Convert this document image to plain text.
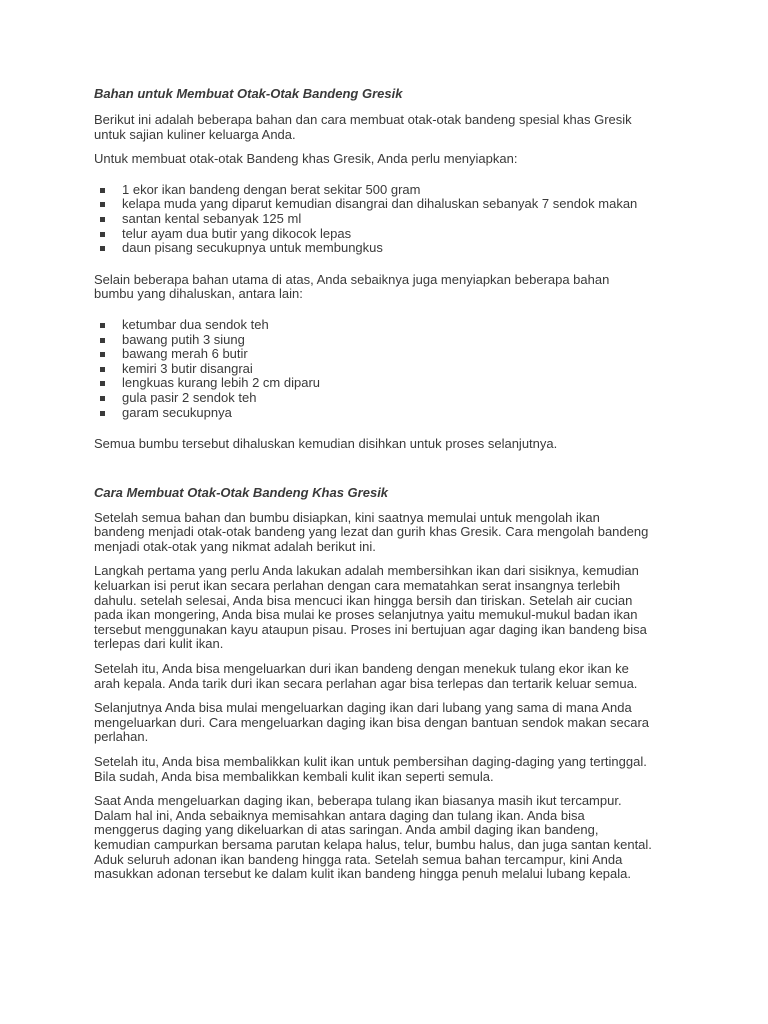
Bahan untuk Membuat Otak-Otak Bandeng Gresik

Berikut ini adalah beberapa bahan dan cara membuat otak-otak bandeng spesial khas Gresik
untuk sajian kuliner keluarga Anda.

Untuk membuat otak-otak Bandeng khas Gresik, Anda perlu menyiapkan:

1 ekor ikan bandeng dengan berat sekitar 500 gram
kelapa muda yang diparut kemudian disangrai dan dihaluskan sebanyak 7 sendok makan
santan kental sebanyak 125 ml
telur ayam dua butir yang dikocok lepas
daun pisang secukupnya untuk membungkus

Selain beberapa bahan utama di atas, Anda sebaiknya juga menyiapkan beberapa bahan
bumbu yang dihaluskan, antara lain:

ketumbar dua sendok teh
bawang putih 3 siung
bawang merah 6 butir
kemiri 3 butir disangrai
lengkuas kurang lebih 2 cm diparu
gula pasir 2 sendok teh
garam secukupnya

Semua bumbu tersebut dihaluskan kemudian disihkan untuk proses selanjutnya.

Cara Membuat Otak-Otak Bandeng Khas Gresik

Setelah semua bahan dan bumbu disiapkan, kini saatnya memulai untuk mengolah ikan
bandeng menjadi otak-otak bandeng yang lezat dan gurih khas Gresik. Cara mengolah bandeng
menjadi otak-otak yang nikmat adalah berikut ini.

Langkah pertama yang perlu Anda lakukan adalah membersihkan ikan dari sisiknya, kemudian
keluarkan isi perut ikan secara perlahan dengan cara mematahkan serat insangnya terlebih
dahulu. setelah selesai, Anda bisa mencuci ikan hingga bersih dan tiriskan. Setelah air cucian
pada ikan mongering, Anda bisa mulai ke proses selanjutnya yaitu memukul-mukul badan ikan
tersebut menggunakan kayu ataupun pisau. Proses ini bertujuan agar daging ikan bandeng bisa
terlepas dari kulit ikan.

Setelah itu, Anda bisa mengeluarkan duri ikan bandeng dengan menekuk tulang ekor ikan ke
arah kepala. Anda tarik duri ikan secara perlahan agar bisa terlepas dan tertarik keluar semua.

Selanjutnya Anda bisa mulai mengeluarkan daging ikan dari lubang yang sama di mana Anda
mengeluarkan duri. Cara mengeluarkan daging ikan bisa dengan bantuan sendok makan secara
perlahan.

Setelah itu, Anda bisa membalikkan kulit ikan untuk pembersihan daging-daging yang tertinggal.
Bila sudah, Anda bisa membalikkan kembali kulit ikan seperti semula.

Saat Anda mengeluarkan daging ikan, beberapa tulang ikan biasanya masih ikut tercampur.
Dalam hal ini, Anda sebaiknya memisahkan antara daging dan tulang ikan. Anda bisa
menggerus daging yang dikeluarkan di atas saringan. Anda ambil daging ikan bandeng,
kemudian campurkan bersama parutan kelapa halus, telur, bumbu halus, dan juga santan kental.
Aduk seluruh adonan ikan bandeng hingga rata. Setelah semua bahan tercampur, kini Anda
masukkan adonan tersebut ke dalam kulit ikan bandeng hingga penuh melalui lubang kepala.
